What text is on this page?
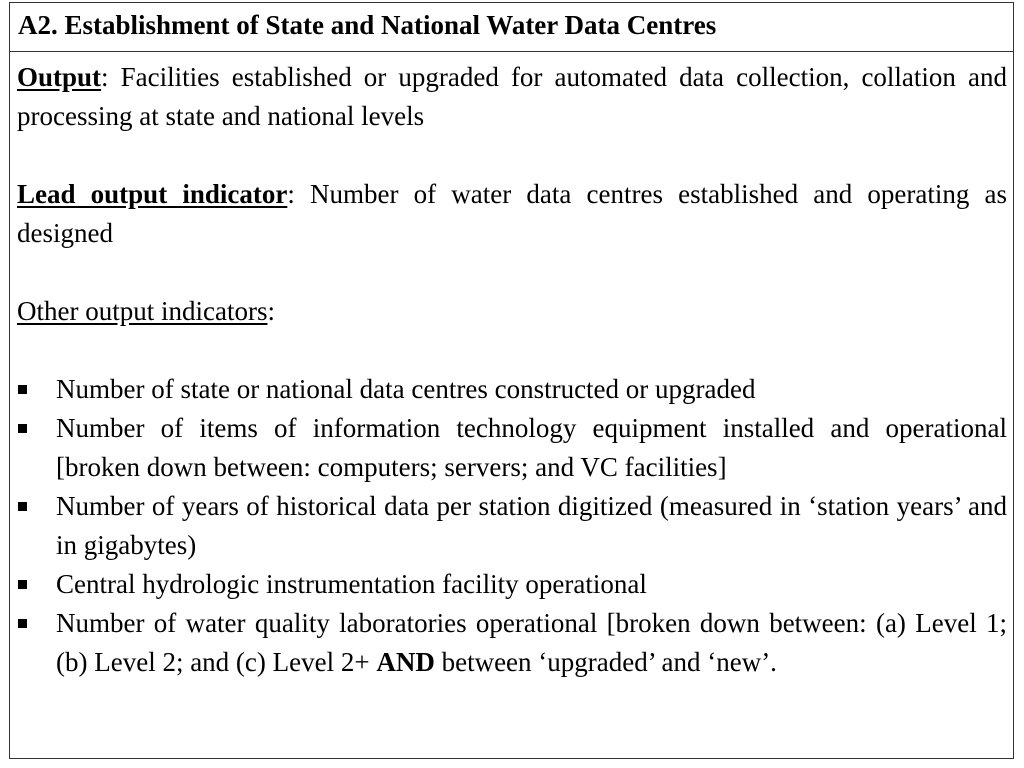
A2. Establishment of State and National Water Data Centres

Output: Facilities established or upgraded for automated data collection, collation and processing at state and national levels

Lead output indicator: Number of water data centres established and operating as designed

Other output indicators:

Number of state or national data centres constructed or upgraded
Number of items of information technology equipment installed and operational [broken down between: computers; servers; and VC facilities]
Number of years of historical data per station digitized (measured in ‘station years’ and in gigabytes)
Central hydrologic instrumentation facility operational
Number of water quality laboratories operational [broken down between: (a) Level 1; (b) Level 2; and (c) Level 2+ AND between ‘upgraded’ and ‘new’.
